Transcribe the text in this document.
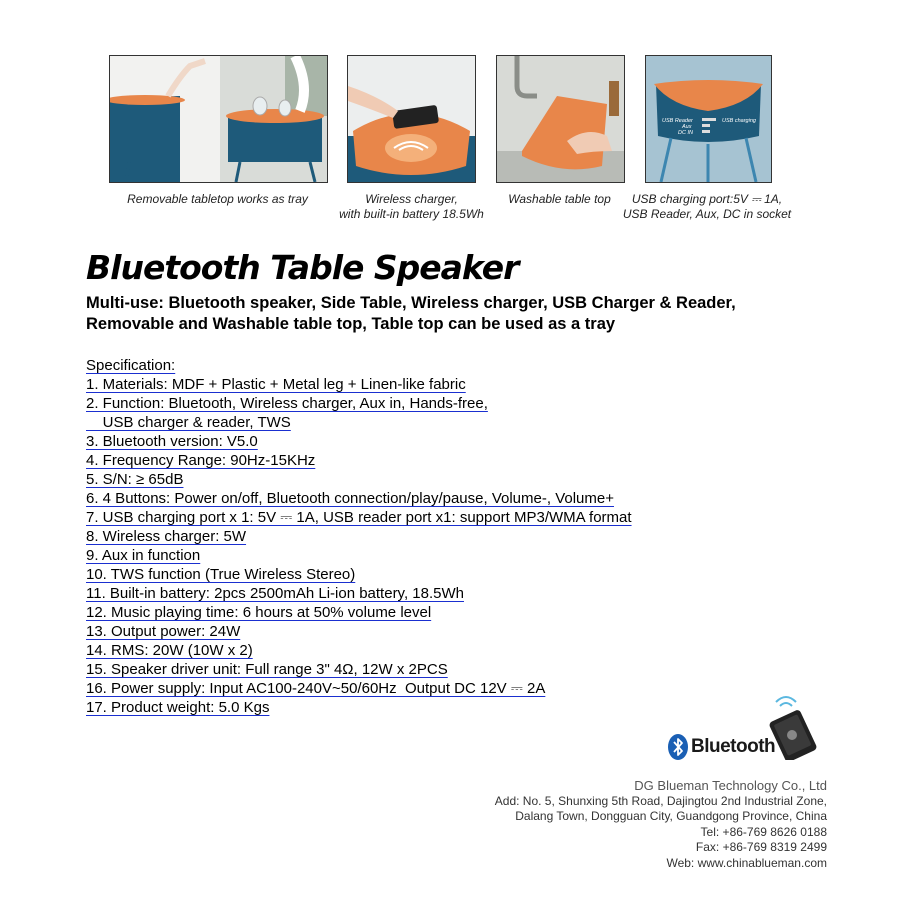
USB Reader
Aux
DC IN
USB charging
Removable tabletop works as tray	Wireless charger,
with built-in battery 18.5Wh
Washable table top	USB charging port:5V ⎓ 1A,
USB Reader, Aux, DC in socket
Bluetooth Table Speaker
Multi-use: Bluetooth speaker, Side Table, Wireless charger, USB Charger & Reader, Removable and Washable table top, Table top can be used as a tray
Specification:
1. Materials: MDF + Plastic + Metal leg + Linen-like fabric
2. Function: Bluetooth, Wireless charger, Aux in, Hands-free,
USB charger & reader, TWS
3. Bluetooth version: V5.0
4. Frequency Range: 90Hz-15KHz
5. S/N: ≥ 65dB
6. 4 Buttons: Power on/off, Bluetooth connection/play/pause, Volume-, Volume+
7. USB charging port x 1: 5V ⎓ 1A, USB reader port x1: support MP3/WMA format
8. Wireless charger: 5W
9. Aux in function
10. TWS function (True Wireless Stereo)
11. Built-in battery: 2pcs 2500mAh Li-ion battery, 18.5Wh
12. Music playing time: 6 hours at 50% volume level
13. Output power: 24W
14. RMS: 20W (10W x 2)
15. Speaker driver unit: Full range 3" 4Ω, 12W x 2PCS
16. Power supply: Input AC100-240V~50/60Hz  Output DC 12V ⎓ 2A
17. Product weight: 5.0 Kgs
Bluetooth
DG Blueman Technology Co., Ltd
Add: No. 5, Shunxing 5th Road, Dajingtou 2nd Industrial Zone,
Dalang Town, Dongguan City, Guandgong Province, China
Tel: +86-769 8626 0188
Fax: +86-769 8319 2499
Web: www.chinablueman.com
